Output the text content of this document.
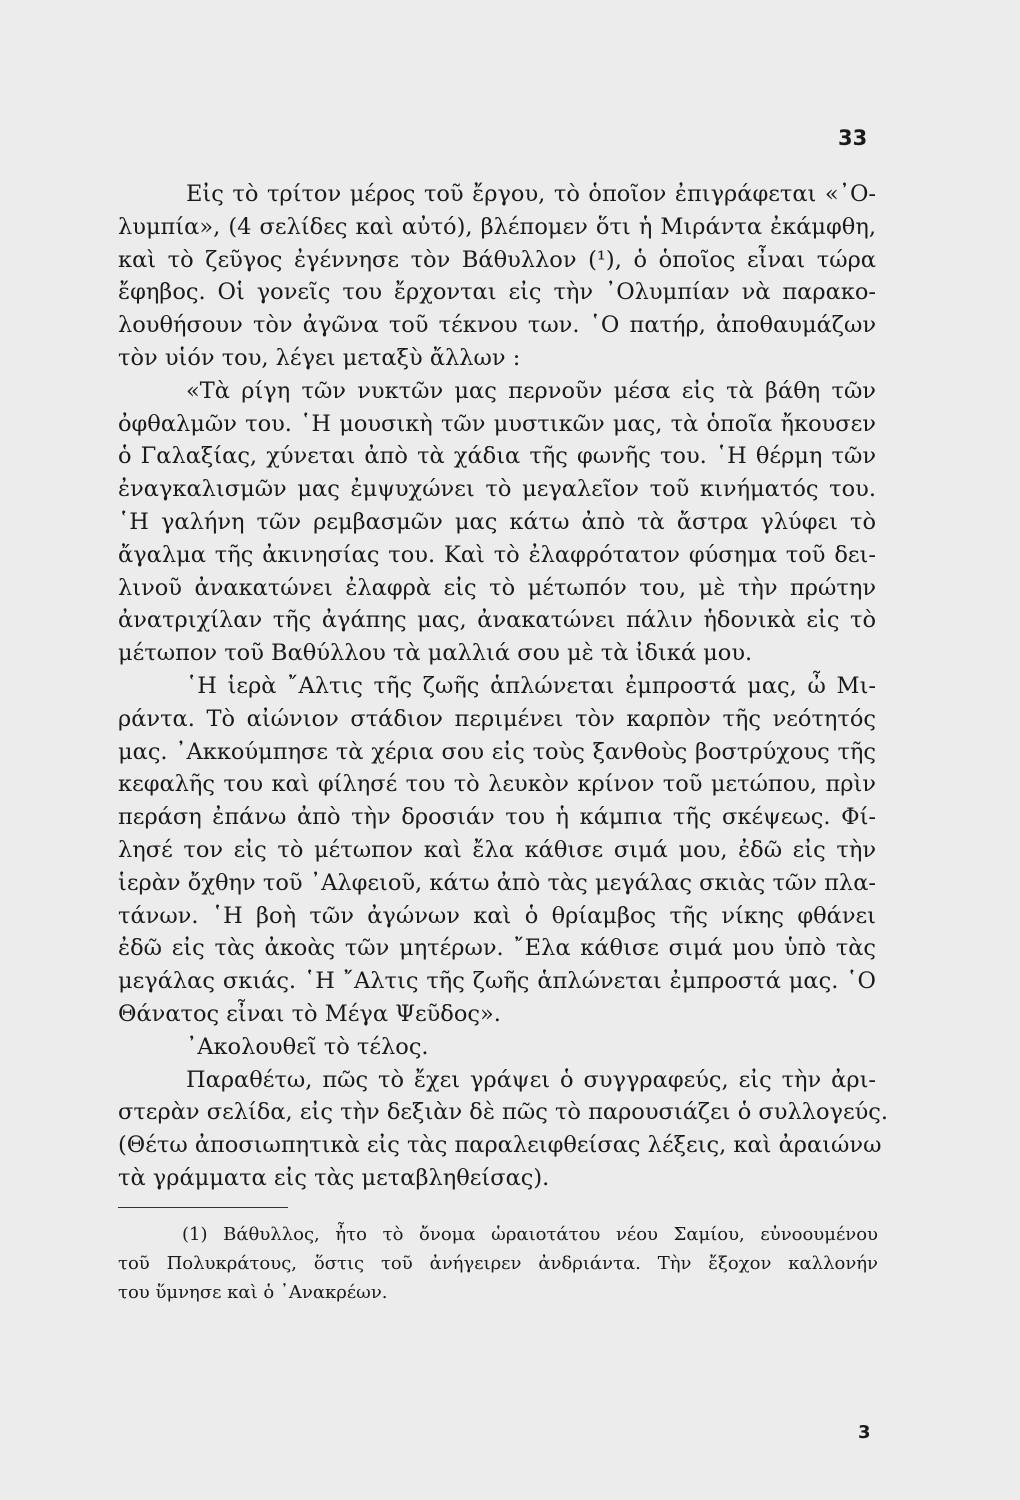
33
Εἰς τὸ τρίτον μέρος τοῦ ἔργου, τὸ ὁποῖον ἐπιγράφεται «᾿Ο-
λυμπία», (4 σελίδες καὶ αὐτό), βλέπομεν ὅτι ἡ Μιράντα ἐκάμφθη,
καὶ τὸ ζεῦγος ἐγέννησε τὸν Βάθυλλον (¹), ὁ ὁποῖος εἶναι τώρα
ἔφηβος. Οἱ γονεῖς του ἔρχονται εἰς τὴν ᾿Ολυμπίαν νὰ παρακο-
λουθήσουν τὸν ἀγῶνα τοῦ τέκνου των. ῾Ο πατήρ, ἀποθαυμάζων
τὸν υἱόν του, λέγει μεταξὺ ἄλλων :
«Τὰ ρίγη τῶν νυκτῶν μας περνοῦν μέσα εἰς τὰ βάθη τῶν
ὀφθαλμῶν του. ῾Η μουσικὴ τῶν μυστικῶν μας, τὰ ὁποῖα ἤκουσεν
ὁ Γαλαξίας, χύνεται ἀπὸ τὰ χάδια τῆς φωνῆς του. ῾Η θέρμη τῶν
ἐναγκαλισμῶν μας ἐμψυχώνει τὸ μεγαλεῖον τοῦ κινήματός του.
῾Η γαλήνη τῶν ρεμβασμῶν μας κάτω ἀπὸ τὰ ἄστρα γλύφει τὸ
ἄγαλμα τῆς ἀκινησίας του. Καὶ τὸ ἐλαφρότατον φύσημα τοῦ δει-
λινοῦ ἀνακατώνει ἐλαφρὰ εἰς τὸ μέτωπόν του, μὲ τὴν πρώτην
ἀνατριχίλαν τῆς ἀγάπης μας, ἀνακατώνει πάλιν ἡδονικὰ εἰς τὸ
μέτωπον τοῦ Βαθύλλου τὰ μαλλιά σου μὲ τὰ ἰδικά μου.
῾Η ἱερὰ ῎Αλτις τῆς ζωῆς ἁπλώνεται ἐμπροστά μας, ὦ Μι-
ράντα. Τὸ αἰώνιον στάδιον περιμένει τὸν καρπὸν τῆς νεότητός
μας. ᾿Ακκούμπησε τὰ χέρια σου εἰς τοὺς ξανθοὺς βοστρύχους τῆς
κεφαλῆς του καὶ φίλησέ του τὸ λευκὸν κρίνον τοῦ μετώπου, πρὶν
περάση ἐπάνω ἀπὸ τὴν δροσιάν του ἡ κάμπια τῆς σκέψεως. Φί-
λησέ τον εἰς τὸ μέτωπον καὶ ἔλα κάθισε σιμά μου, ἐδῶ εἰς τὴν
ἱερὰν ὄχθην τοῦ ᾿Αλφειοῦ, κάτω ἀπὸ τὰς μεγάλας σκιὰς τῶν πλα-
τάνων. ῾Η βοὴ τῶν ἀγώνων καὶ ὁ θρίαμβος τῆς νίκης φθάνει
ἐδῶ εἰς τὰς ἀκοὰς τῶν μητέρων. ῎Ελα κάθισε σιμά μου ὑπὸ τὰς
μεγάλας σκιάς. ῾Η ῎Αλτις τῆς ζωῆς ἁπλώνεται ἐμπροστά μας. ῾Ο
Θάνατος εἶναι τὸ Μέγα Ψεῦδος».
᾿Ακολουθεῖ τὸ τέλος.
Παραθέτω, πῶς τὸ ἔχει γράψει ὁ συγγραφεύς, εἰς τὴν ἀρι-
στερὰν σελίδα, εἰς τὴν δεξιὰν δὲ πῶς τὸ παρουσιάζει ὁ συλλογεύς.
(Θέτω ἀποσιωπητικὰ εἰς τὰς παραλειφθείσας λέξεις, καὶ ἀραιώνω
τὰ γράμματα εἰς τὰς μεταβληθείσας).
(1) Βάθυλλος, ἦτο τὸ ὄνομα ὡραιοτάτου νέου Σαμίου, εὐνοουμένου
τοῦ Πολυκράτους, ὅστις τοῦ ἀνήγειρεν ἀνδριάντα. Τὴν ἔξοχον καλλονήν
του ὕμνησε καὶ ὁ ᾿Ανακρέων.
3
